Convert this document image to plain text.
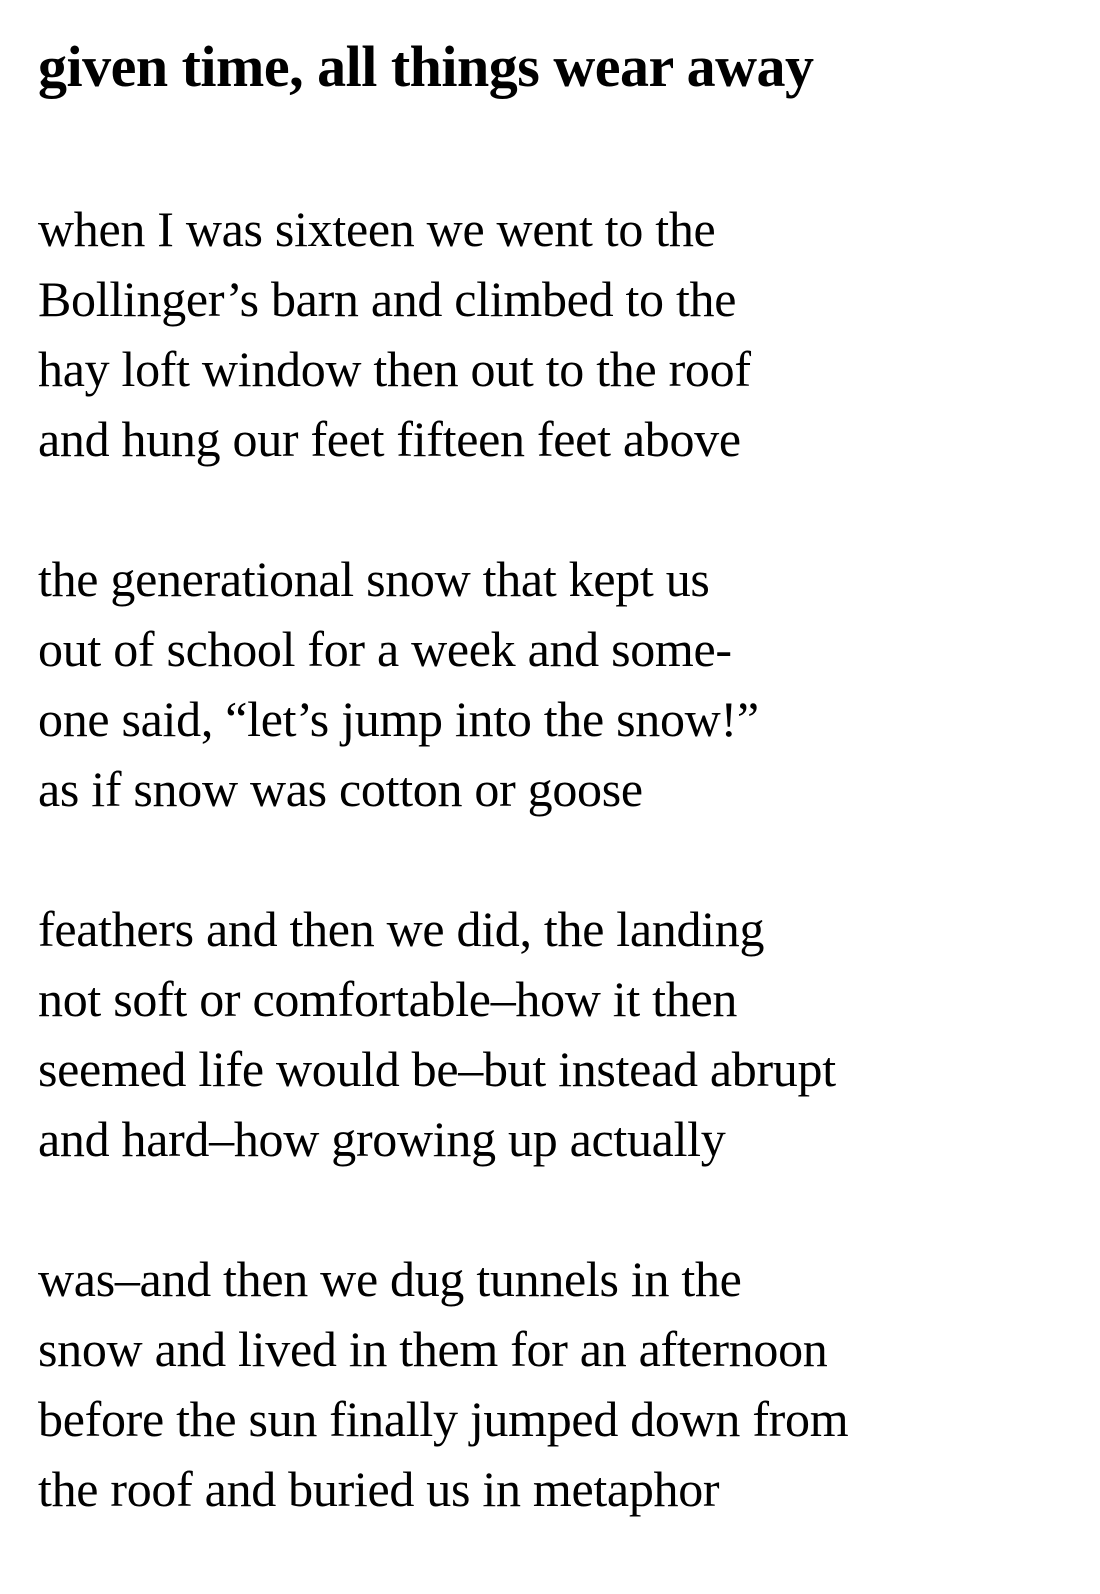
given time, all things wear away
when I was sixteen we went to the
Bollinger’s barn and climbed to the
hay loft window then out to the roof
and hung our feet fifteen feet above
the generational snow that kept us
out of school for a week and some-
one said, “let’s jump into the snow!”
as if snow was cotton or goose
feathers and then we did, the landing
not soft or comfortable–how it then
seemed life would be–but instead abrupt
and hard–how growing up actually
was–and then we dug tunnels in the
snow and lived in them for an afternoon
before the sun finally jumped down from
the roof and buried us in metaphor
